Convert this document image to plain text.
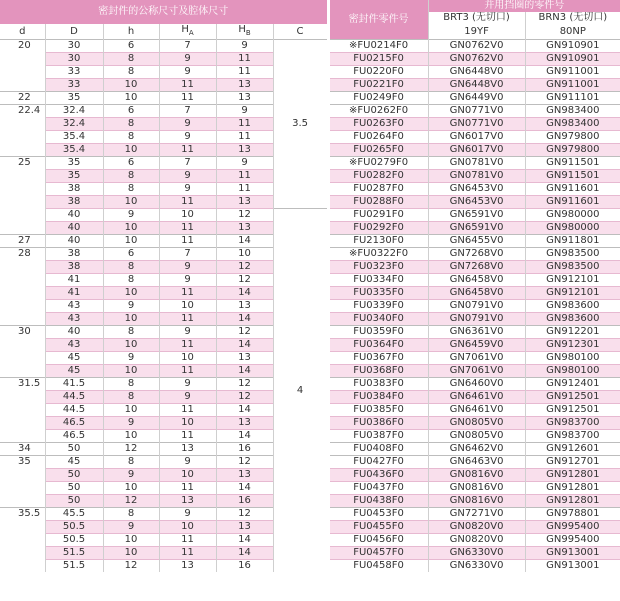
密封件的公称尺寸及腔体尺寸						密封件零件号	并用挡圈的零件号	
							BRT3 (无切口)	BRN3 (无切口)
d	D	h	$H_A$	$H_B$	C		19YF	80NP
20	30	6	7	9	3.5	※FU0214F0	GN0762V0	GN910901
	30	8	9	11		FU0215F0	GN0762V0	GN910901
	33	8	9	11		FU0220F0	GN6448V0	GN911001
	33	10	11	13		FU0221F0	GN6448V0	GN911001
22	35	10	11	13		FU0249F0	GN6449V0	GN911101
22.4	32.4	6	7	9		※FU0262F0	GN0771V0	GN983400
	32.4	8	9	11		FU0263F0	GN0771V0	GN983400
	35.4	8	9	11		FU0264F0	GN6017V0	GN979800
	35.4	10	11	13		FU0265F0	GN6017V0	GN979800
25	35	6	7	9		※FU0279F0	GN0781V0	GN911501
	35	8	9	11		FU0282F0	GN0781V0	GN911501
	38	8	9	11		FU0287F0	GN6453V0	GN911601
	38	10	11	13		FU0288F0	GN6453V0	GN911601
	40	9	10	12	4	FU0291F0	GN6591V0	GN980000
	40	10	11	13		FU0292F0	GN6591V0	GN980000
27	40	10	11	14		FU2130F0	GN6455V0	GN911801
28	38	6	7	10		※FU0322F0	GN7268V0	GN983500
	38	8	9	12		FU0323F0	GN7268V0	GN983500
	41	8	9	12		FU0334F0	GN6458V0	GN912101
	41	10	11	14		FU0335F0	GN6458V0	GN912101
	43	9	10	13		FU0339F0	GN0791V0	GN983600
	43	10	11	14		FU0340F0	GN0791V0	GN983600
30	40	8	9	12		FU0359F0	GN6361V0	GN912201
	43	10	11	14		FU0364F0	GN6459V0	GN912301
	45	9	10	13		FU0367F0	GN7061V0	GN980100
	45	10	11	14		FU0368F0	GN7061V0	GN980100
31.5	41.5	8	9	12		FU0383F0	GN6460V0	GN912401
	44.5	8	9	12		FU0384F0	GN6461V0	GN912501
	44.5	10	11	14		FU0385F0	GN6461V0	GN912501
	46.5	9	10	13		FU0386F0	GN0805V0	GN983700
	46.5	10	11	14		FU0387F0	GN0805V0	GN983700
34	50	12	13	16		FU0408F0	GN6462V0	GN912601
35	45	8	9	12		FU0427F0	GN6463V0	GN912701
	50	9	10	13		FU0436F0	GN0816V0	GN912801
	50	10	11	14		FU0437F0	GN0816V0	GN912801
	50	12	13	16		FU0438F0	GN0816V0	GN912801
35.5	45.5	8	9	12		FU0453F0	GN7271V0	GN978801
	50.5	9	10	13		FU0455F0	GN0820V0	GN995400
	50.5	10	11	14		FU0456F0	GN0820V0	GN995400
	51.5	10	11	14		FU0457F0	GN6330V0	GN913001
	51.5	12	13	16		FU0458F0	GN6330V0	GN913001
